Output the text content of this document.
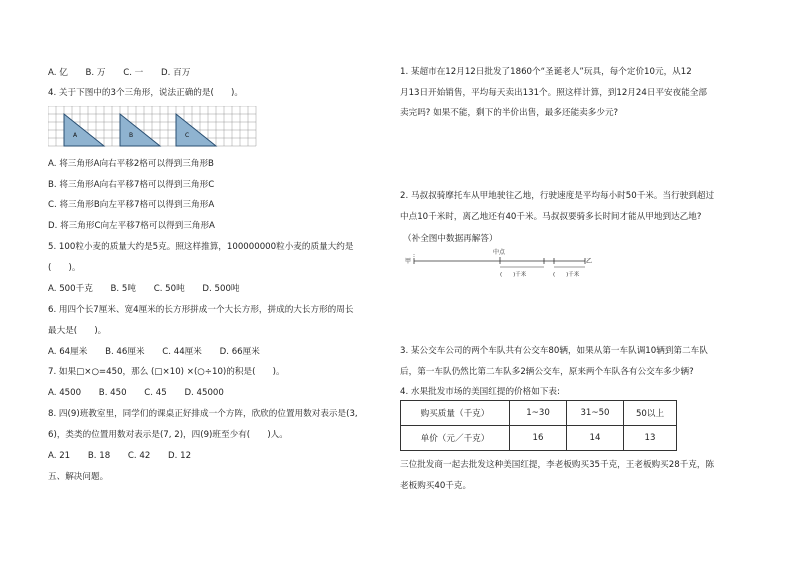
A. 亿 B. 万 C. 一 D. 百万
4. 关于下图中的3个三角形，说法正确的是(　　)。
A	B	C
A. 将三角形A向右平移2格可以得到三角形B
B. 将三角形A向右平移7格可以得到三角形C
C. 将三角形B向左平移7格可以得到三角形A
D. 将三角形C向左平移7格可以得到三角形A
5. 100粒小麦的质量大约是5克。照这样推算，100000000粒小麦的质量大约是
(　　)。
A. 500千克 B. 5吨 C. 50吨 D. 500吨
6. 用四个长7厘米、宽4厘米的长方形拼成一个大长方形，拼成的大长方形的周长
最大是(　　)。
A. 64厘米 B. 46厘米 C. 44厘米 D. 66厘米
7. 如果□×○=450，那么 (□×10) ×(○÷10)的积是(　　)。
A. 4500 B. 450 C. 45 D. 45000
8. 四(9)班教室里，同学们的课桌正好排成一个方阵，欣欣的位置用数对表示是(3,
6)，类类的位置用数对表示是(7, 2)，四(9)班至少有(　　)人。
A. 21 B. 18 C. 42 D. 12
五、解决问题。
1. 某超市在12月12日批发了1860个“圣诞老人”玩具，每个定价10元，从12
月13日开始销售，平均每天卖出131个。照这样计算，到12月24日平安夜能全部
卖完吗? 如果不能，剩下的半价出售，最多还能卖多少元?
2. 马叔叔骑摩托车从甲地驶往乙地，行驶速度是平均每小时50千米。当行驶到超过
中点10千米时，离乙地还有40千米。马叔叔要骑多长时间才能从甲地到达乙地?
（补全图中数据再解答）
甲	乙
中点
(　　)千米	(　　)千米
3. 某公交车公司的两个车队共有公交车80辆，如果从第一车队调10辆到第二车队
后，第一车队仍然比第二车队多2辆公交车，原来两个车队各有公交车多少辆?
4. 水果批发市场的美国红提的价格如下表:
购买质量（千克）	1~30	31~50	50以上
单价（元／千克）	16	14	13
三位批发商一起去批发这种美国红提，李老板购买35千克，王老板购买28千克，陈
老板购买40千克。
